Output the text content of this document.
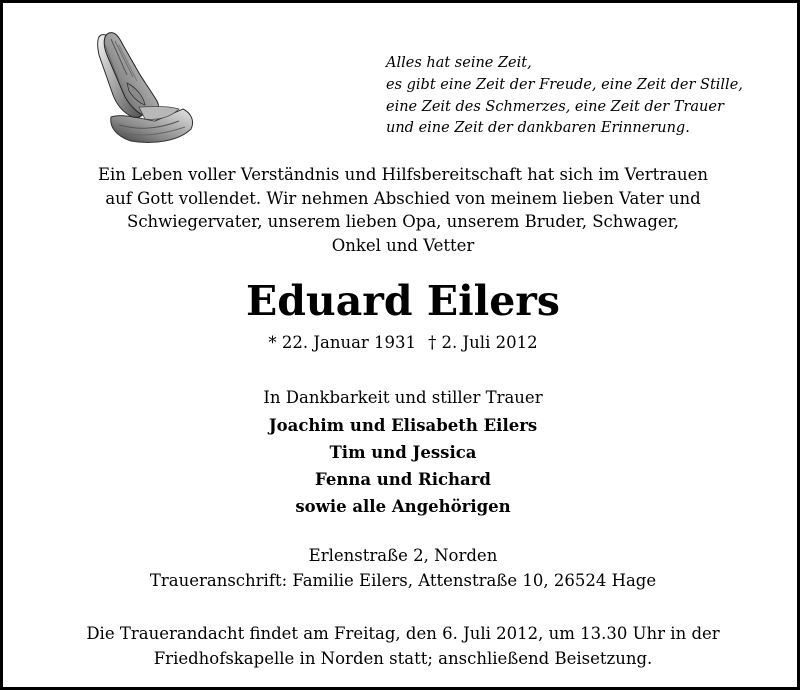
Alles hat seine Zeit,
es gibt eine Zeit der Freude, eine Zeit der Stille,
eine Zeit des Schmerzes, eine Zeit der Trauer
und eine Zeit der dankbaren Erinnerung.
Ein Leben voller Verständnis und Hilfsbereitschaft hat sich im Vertrauen
auf Gott vollendet. Wir nehmen Abschied von meinem lieben Vater und
Schwiegervater, unserem lieben Opa, unserem Bruder, Schwager,
Onkel und Vetter
Eduard Eilers
* 22. Januar 1931 † 2. Juli 2012
In Dankbarkeit und stiller Trauer
Joachim und Elisabeth Eilers
Tim und Jessica
Fenna und Richard
sowie alle Angehörigen
Erlenstraße 2, Norden
Traueranschrift: Familie Eilers, Attenstraße 10, 26524 Hage
Die Trauerandacht findet am Freitag, den 6. Juli 2012, um 13.30 Uhr in der
Friedhofskapelle in Norden statt; anschließend Beisetzung.
